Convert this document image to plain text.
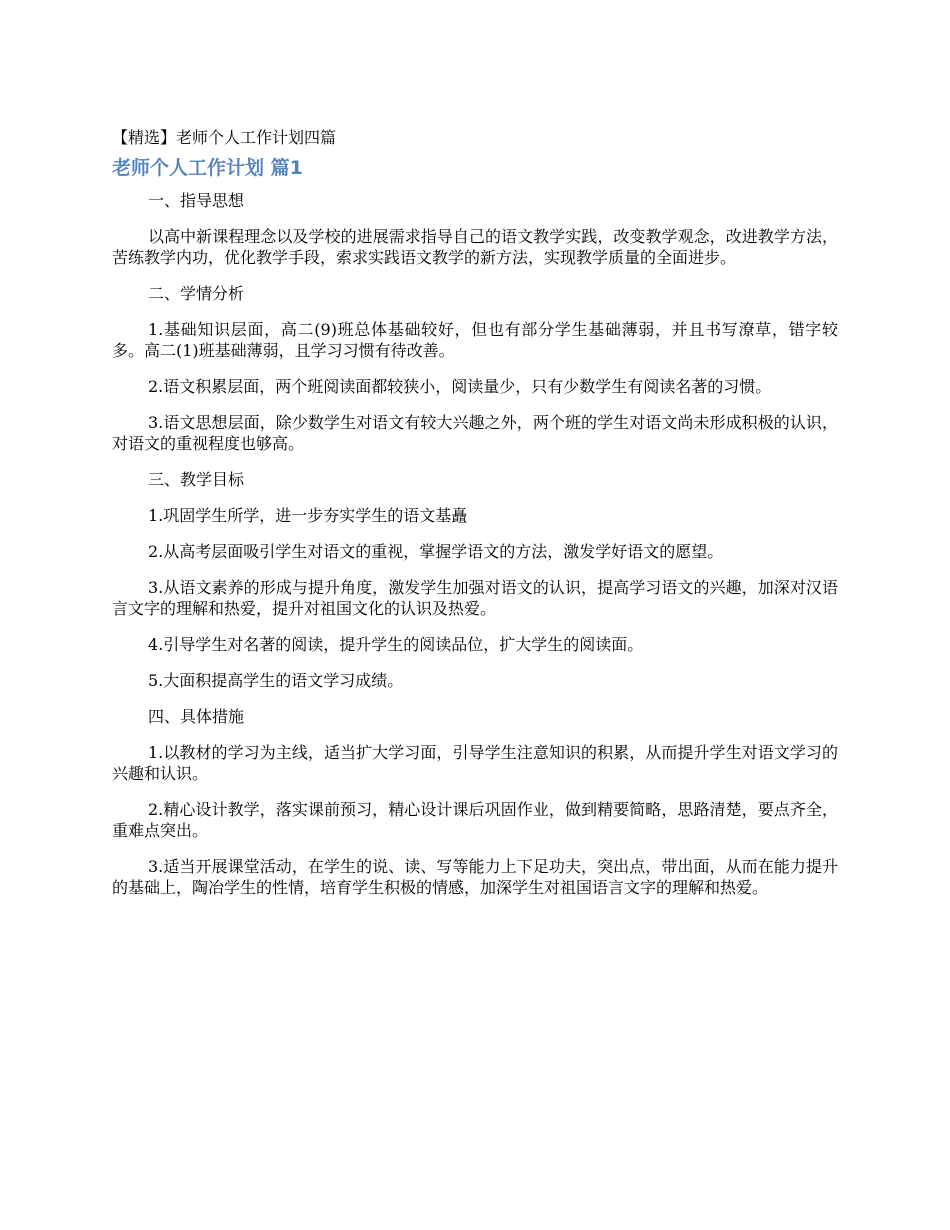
【精选】老师个人工作计划四篇
老师个人工作计划 篇1

一、指导思想

以高中新课程理念以及学校的进展需求指导自己的语文教学实践，改变教学观念，改进教学方法，苦练教学内功，优化教学手段，索求实践语文教学的新方法，实现教学质量的全面进步。

二、学情分析

1.基础知识层面，高二(9)班总体基础较好，但也有部分学生基础薄弱，并且书写潦草，错字较多。高二(1)班基础薄弱，且学习习惯有待改善。

2.语文积累层面，两个班阅读面都较狭小，阅读量少，只有少数学生有阅读名著的习惯。

3.语文思想层面，除少数学生对语文有较大兴趣之外，两个班的学生对语文尚未形成积极的认识，对语文的重视程度也够高。

三、教学目标

1.巩固学生所学，进一步夯实学生的语文基矗

2.从高考层面吸引学生对语文的重视，掌握学语文的方法，激发学好语文的愿望。

3.从语文素养的形成与提升角度，激发学生加强对语文的认识，提高学习语文的兴趣，加深对汉语言文字的理解和热爱，提升对祖国文化的认识及热爱。

4.引导学生对名著的阅读，提升学生的阅读品位，扩大学生的阅读面。

5.大面积提高学生的语文学习成绩。

四、具体措施

1.以教材的学习为主线，适当扩大学习面，引导学生注意知识的积累，从而提升学生对语文学习的兴趣和认识。

2.精心设计教学，落实课前预习，精心设计课后巩固作业，做到精要简略，思路清楚，要点齐全，重难点突出。

3.适当开展课堂活动，在学生的说、读、写等能力上下足功夫，突出点，带出面，从而在能力提升的基础上，陶冶学生的性情，培育学生积极的情感，加深学生对祖国语言文字的理解和热爱。
